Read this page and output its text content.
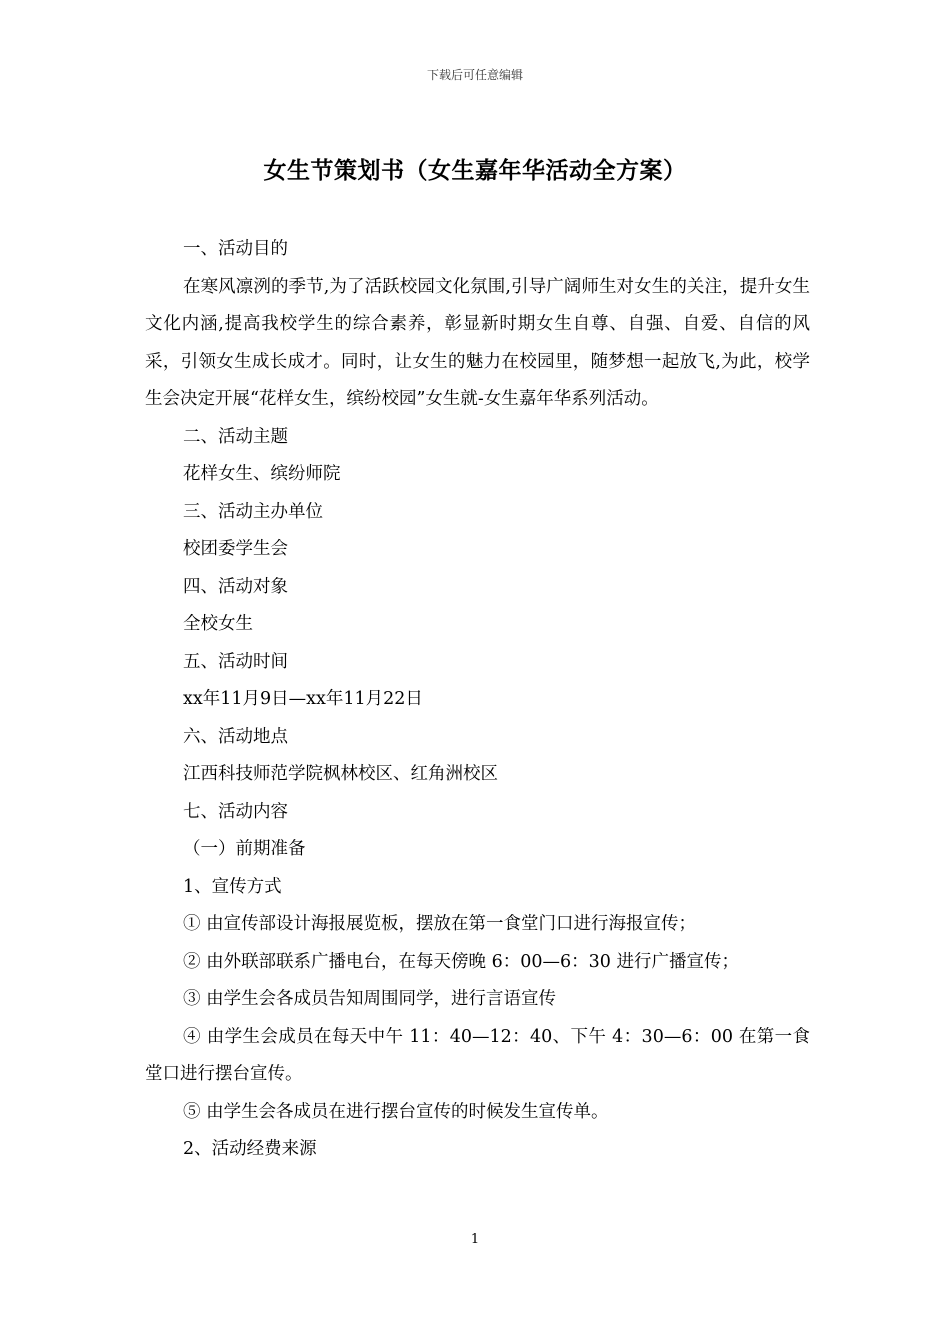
下载后可任意编辑
女生节策划书（女生嘉年华活动全方案）

一、活动目的

在寒风凛洌的季节,为了活跃校园文化氛围,引导广阔师生对女生的关注，提升女生文化内涵,提高我校学生的综合素养，彰显新时期女生自尊、自强、自爱、自信的风采，引领女生成长成才。同时，让女生的魅力在校园里，随梦想一起放飞,为此，校学生会决定开展“花样女生，缤纷校园”女生就-女生嘉年华系列活动。

二、活动主题

花样女生、缤纷师院

三、活动主办单位

校团委学生会

四、活动对象

全校女生

五、活动时间

xx年11月9日—xx年11月22日

六、活动地点

江西科技师范学院枫林校区、红角洲校区

七、活动内容

（一）前期准备

1、宣传方式

① 由宣传部设计海报展览板，摆放在第一食堂门口进行海报宣传；

② 由外联部联系广播电台，在每天傍晚 6：00—6：30 进行广播宣传；

③ 由学生会各成员告知周围同学，进行言语宣传

④ 由学生会成员在每天中午 11：40—12：40、下午 4：30—6：00 在第一食堂口进行摆台宣传。

⑤ 由学生会各成员在进行摆台宣传的时候发生宣传单。

2、活动经费来源

1
